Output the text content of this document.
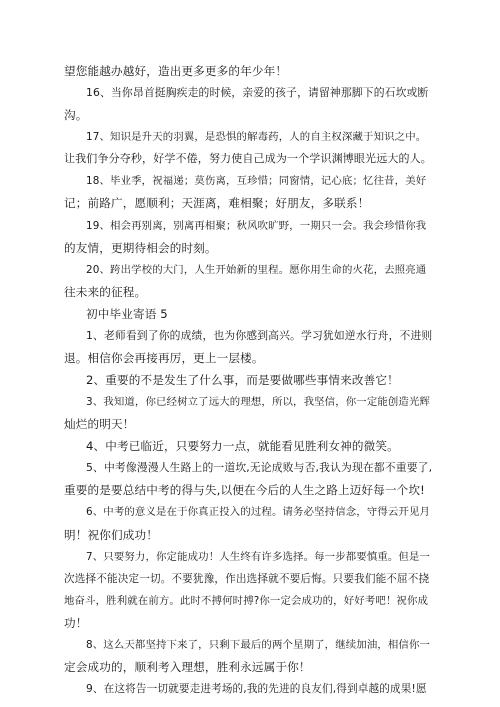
望您能越办越好，造出更多更多的年少年！
16、当你昂首挺胸疾走的时候，亲爱的孩子，请留神那脚下的石坎或断
沟。
17、知识是升天的羽翼，是恐惧的解毒药，人的自主权深藏于知识之中。
让我们争分夺秒，好学不倦，努力使自己成为一个学识渊博眼光远大的人。
18、毕业季，祝福递；莫伤离，互珍惜；同窗情，记心底；忆往昔，美好
记；前路广，愿顺利；天涯离，难相聚；好朋友，多联系！
19、相会再别离，别离再相聚；秋风吹旷野，一期只一会。我会珍惜你我
的友情，更期待相会的时刻。
20、跨出学校的大门，人生开始新的里程。愿你用生命的火花，去照亮通
往未来的征程。
初中毕业寄语 5
1、老师看到了你的成绩，也为你感到高兴。学习犹如逆水行舟，不进则
退。相信你会再接再厉，更上一层楼。
2、重要的不是发生了什么事，而是要做哪些事情来改善它！
3、我知道，你已经树立了远大的理想，所以，我坚信，你一定能创造光辉
灿烂的明天！
4、中考已临近，只要努力一点，就能看见胜利女神的微笑。
5、中考像漫漫人生路上的一道坎,无论成败与否,我认为现在都不重要了,
重要的是要总结中考的得与失,以便在今后的人生之路上迈好每一个坎!
6、中考的意义是在于你真正投入的过程。请务必坚持信念，守得云开见月
明！祝你们成功！
7、只要努力，你定能成功！人生终有许多选择。每一步都要慎重。但是一
次选择不能决定一切。不要犹豫，作出选择就不要后悔。只要我们能不屈不挠
地奋斗，胜利就在前方。此时不搏何时搏?你一定会成功的，好好考吧！祝你成
功！
8、这么天都坚持下来了，只剩下最后的两个星期了，继续加油，相信你一
定会成功的，顺利考入理想，胜利永远属于你！
9、在这将告一切就要走进考场的,我的先进的良友们,得到卓越的成果!愿
